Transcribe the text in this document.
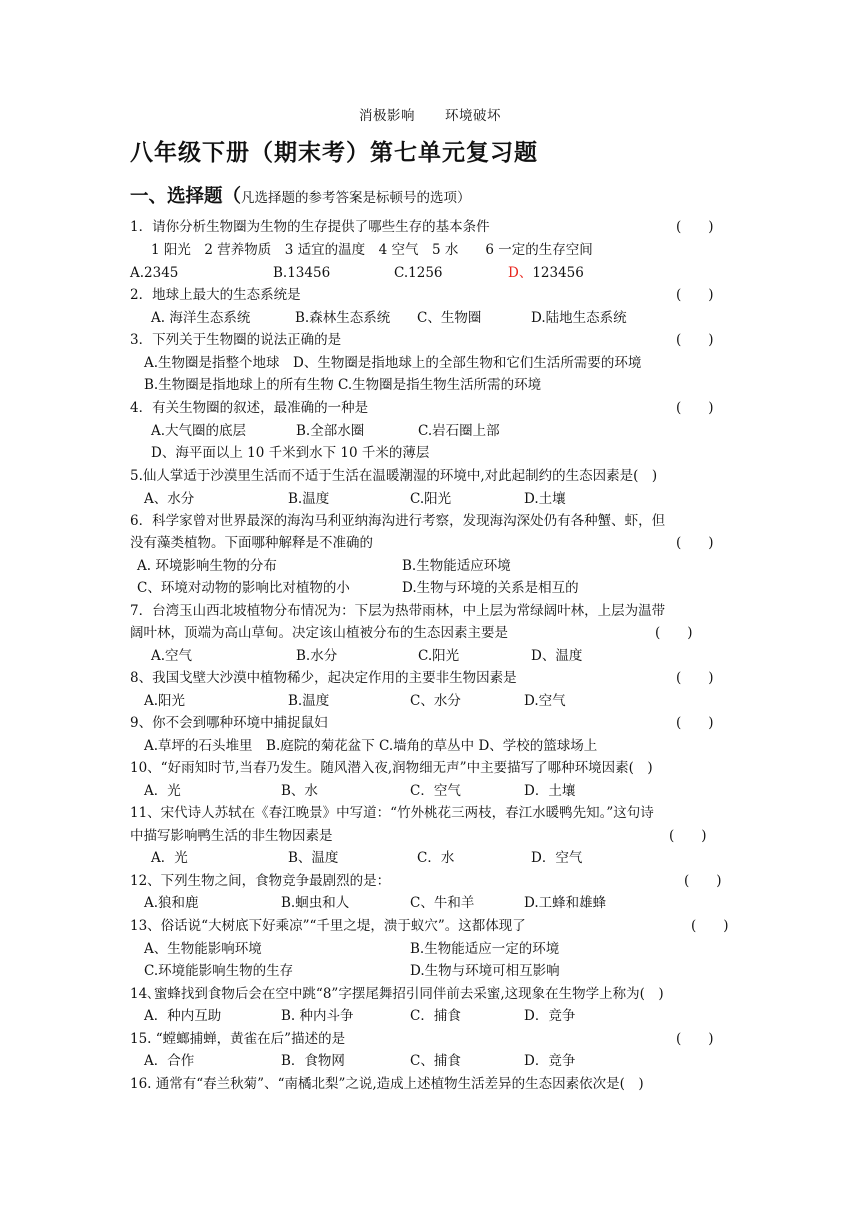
消极影响 环境破坏
八年级下册（期末考）第七单元复习题
一、选择题（凡选择题的参考答案是标顿号的选项）
1．请你分析生物圈为生物的生存提供了哪些生存的基本条件	(　　)
1 阳光　2 营养物质　3 适宜的温度　4 空气　5 水　　6 一定的生存空间
A.2345	B.13456	C.1256	D、123456
2．地球上最大的生态系统是	(　　)
A. 海洋生态系统	B.森林生态系统 C、生物圈	D.陆地生态系统
3．下列关于生物圈的说法正确的是	(　　)
A.生物圈是指整个地球　D、生物圈是指地球上的全部生物和它们生活所需要的环境
B.生物圈是指地球上的所有生物 C.生物圈是指生物生活所需的环境
4．有关生物圈的叙述，最准确的一种是	(　　)
A.大气圈的底层	B.全部水圈	C.岩石圈上部
D、海平面以上 10 千米到水下 10 千米的薄层
5.仙人掌适于沙漠里生活而不适于生活在温暖潮湿的环境中,对此起制约的生态因素是(　)
A、水分	B.温度	C.阳光	D.土壤
6．科学家曾对世界最深的海沟马利亚纳海沟进行考察，发现海沟深处仍有各种蟹、虾，但
没有藻类植物。下面哪种解释是不准确的	(　　)
A. 环境影响生物的分布	B.生物能适应环境
C、环境对动物的影响比对植物的小	D.生物与环境的关系是相互的
7．台湾玉山西北坡植物分布情况为：下层为热带雨林，中上层为常绿阔叶林，上层为温带
阔叶林，顶端为高山草甸。决定该山植被分布的生态因素主要是	(　　)
A.空气	B.水分	C.阳光	D、温度
8、我国戈壁大沙漠中植物稀少，起决定作用的主要非生物因素是	(　　)
A.阳光	B.温度	C、水分	D.空气
9、你不会到哪种环境中捕捉鼠妇	(　　)
A.草坪的石头堆里　B.庭院的菊花盆下 C.墙角的草丛中 D、学校的篮球场上
10、“好雨知时节,当春乃发生。随风潜入夜,润物细无声”中主要描写了哪种环境因素(　)
A．光	B、水	C．空气	D．土壤
11、宋代诗人苏轼在《春江晚景》中写道：“竹外桃花三两枝，春江水暖鸭先知。”这句诗
中描写影响鸭生活的非生物因素是	(　　)
A．光	B、温度	C．水	D．空气
12、下列生物之间，食物竞争最剧烈的是：	(　　)
A.狼和鹿	B.蛔虫和人	C、牛和羊	D.工蜂和雄蜂
13、俗话说“大树底下好乘凉”“千里之堤，溃于蚁穴”。这都体现了	(　　)
A、生物能影响环境	B.生物能适应一定的环境
C.环境能影响生物的生存	D.生物与环境可相互影响
14､蜜蜂找到食物后会在空中跳“8”字摆尾舞招引同伴前去采蜜,这现象在生物学上称为(　)
A．种内互助	B. 种内斗争	C．捕食	D．竞争
15. “螳螂捕蝉，黄雀在后”描述的是	(　　)
A．合作	B．食物网	C、捕食	D．竞争
16. 通常有“春兰秋菊”、“南橘北梨”之说,造成上述植物生活差异的生态因素依次是(　)
